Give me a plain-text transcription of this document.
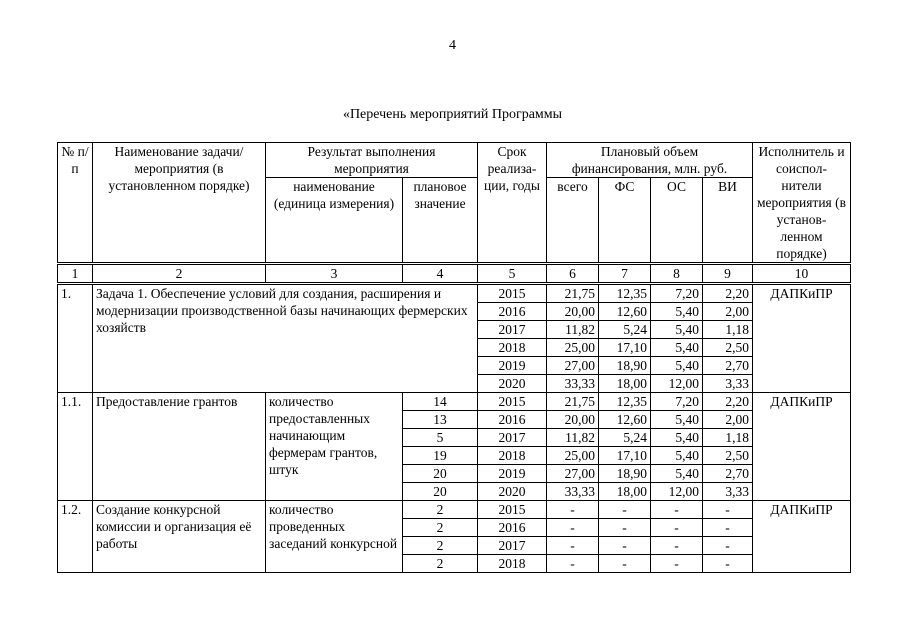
4
«Перечень мероприятий Программы
№ п/п	Наименование задачи/мероприятия (в установленном порядке)	Результат выполнения мероприятия		Срок реализа- ции, годы	Плановый объем финансирования, млн. руб.				Исполнитель и соиспол- нители мероприятия (в установ- ленном порядке)
		наименование (единица измерения)	плановое значение		всего	ФС	ОС	ВИ	
1	2	3	4	5	6	7	8	9	10
1.	Задача 1. Обеспечение условий для создания, расширения и модернизации производственной базы начинающих фермерских хозяйств			2015	21,75	12,35	7,20	2,20	ДАПКиПР
				2016	20,00	12,60	5,40	2,00	
				2017	11,82	5,24	5,40	1,18	
				2018	25,00	17,10	5,40	2,50	
				2019	27,00	18,90	5,40	2,70	
				2020	33,33	18,00	12,00	3,33	
1.1.	Предоставление грантов	количество предоставленных начинающим фермерам грантов, штук	14	2015	21,75	12,35	7,20	2,20	ДАПКиПР
			13	2016	20,00	12,60	5,40	2,00	
			5	2017	11,82	5,24	5,40	1,18	
			19	2018	25,00	17,10	5,40	2,50	
			20	2019	27,00	18,90	5,40	2,70	
			20	2020	33,33	18,00	12,00	3,33	
1.2.	Создание конкурсной комиссии и организация её работы	количество проведенных заседаний конкурсной	2	2015	-	-	-	-	ДАПКиПР
			2	2016	-	-	-	-	
			2	2017	-	-	-	-	
			2	2018	-	-	-	-	
